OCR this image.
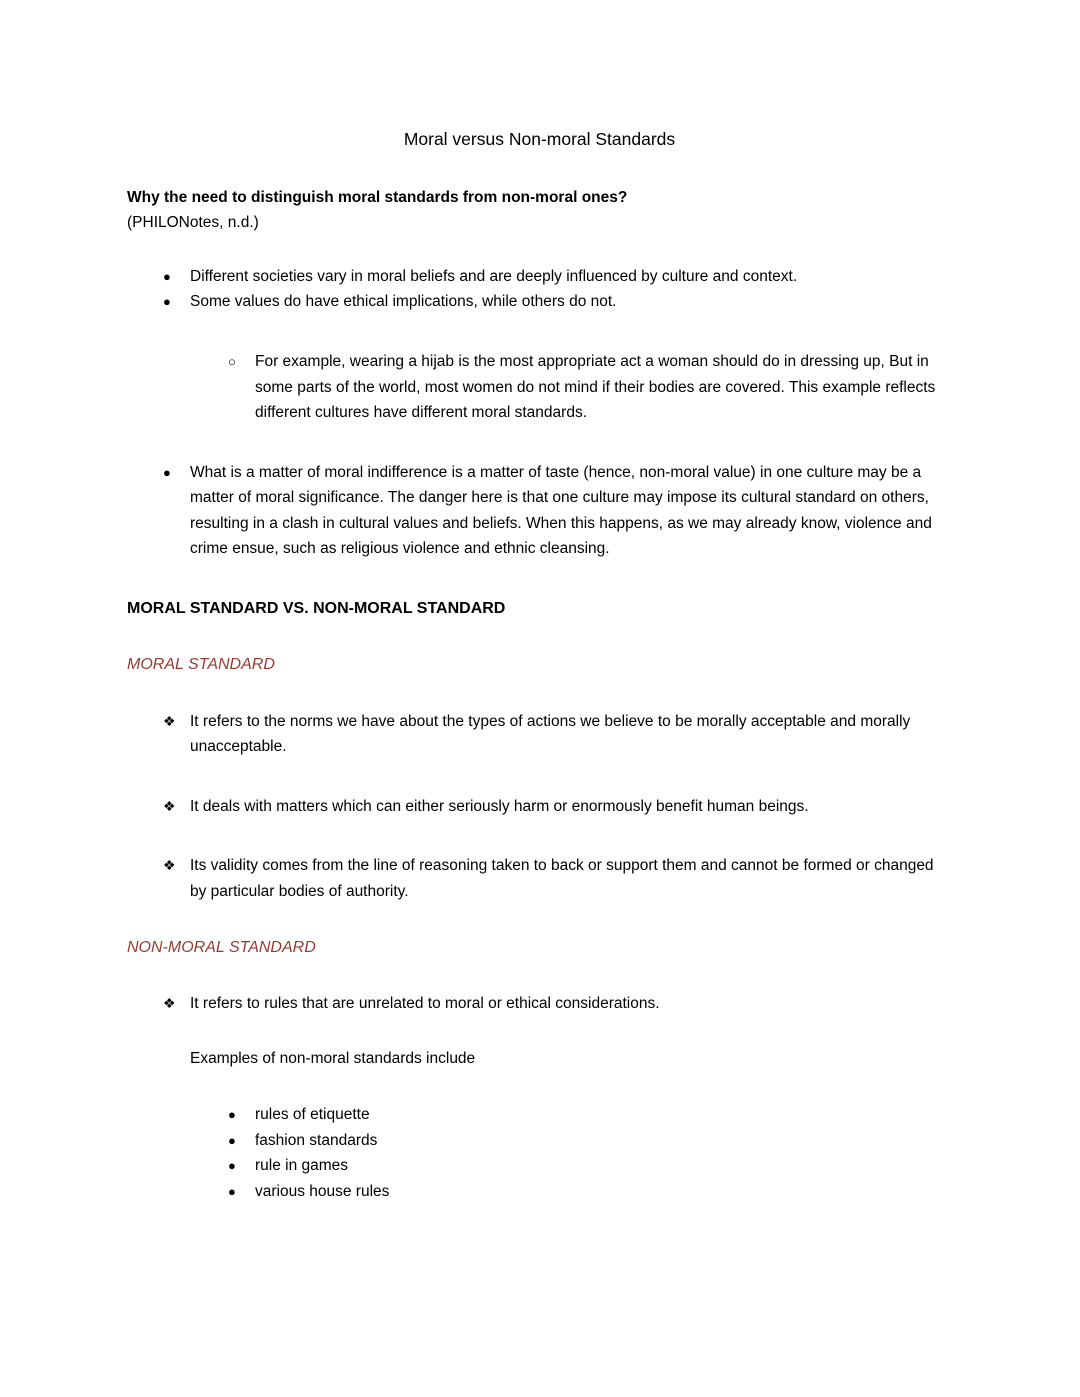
Moral versus Non-moral Standards

Why the need to distinguish moral standards from non-moral ones?

(PHILONotes, n.d.)

● Different societies vary in moral beliefs and are deeply influenced by culture and context.
● Some values do have ethical implications, while others do not.
○ For example, wearing a hijab is the most appropriate act a woman should do in dressing up, But in some parts of the world, most women do not mind if their bodies are covered. This example reflects different cultures have different moral standards.
● What is a matter of moral indifference is a matter of taste (hence, non-moral value) in one culture may be a matter of moral significance. The danger here is that one culture may impose its cultural standard on others, resulting in a clash in cultural values and beliefs. When this happens, as we may already know, violence and crime ensue, such as religious violence and ethnic cleansing.

MORAL STANDARD VS. NON-MORAL STANDARD

MORAL STANDARD
❖ It refers to the norms we have about the types of actions we believe to be morally acceptable and morally unacceptable.
❖ It deals with matters which can either seriously harm or enormously benefit human beings.
❖ Its validity comes from the line of reasoning taken to back or support them and cannot be formed or changed by particular bodies of authority.
NON-MORAL STANDARD
❖ It refers to rules that are unrelated to moral or ethical considerations.

Examples of non-moral standards include

● rules of etiquette
● fashion standards
● rule in games
● various house rules
